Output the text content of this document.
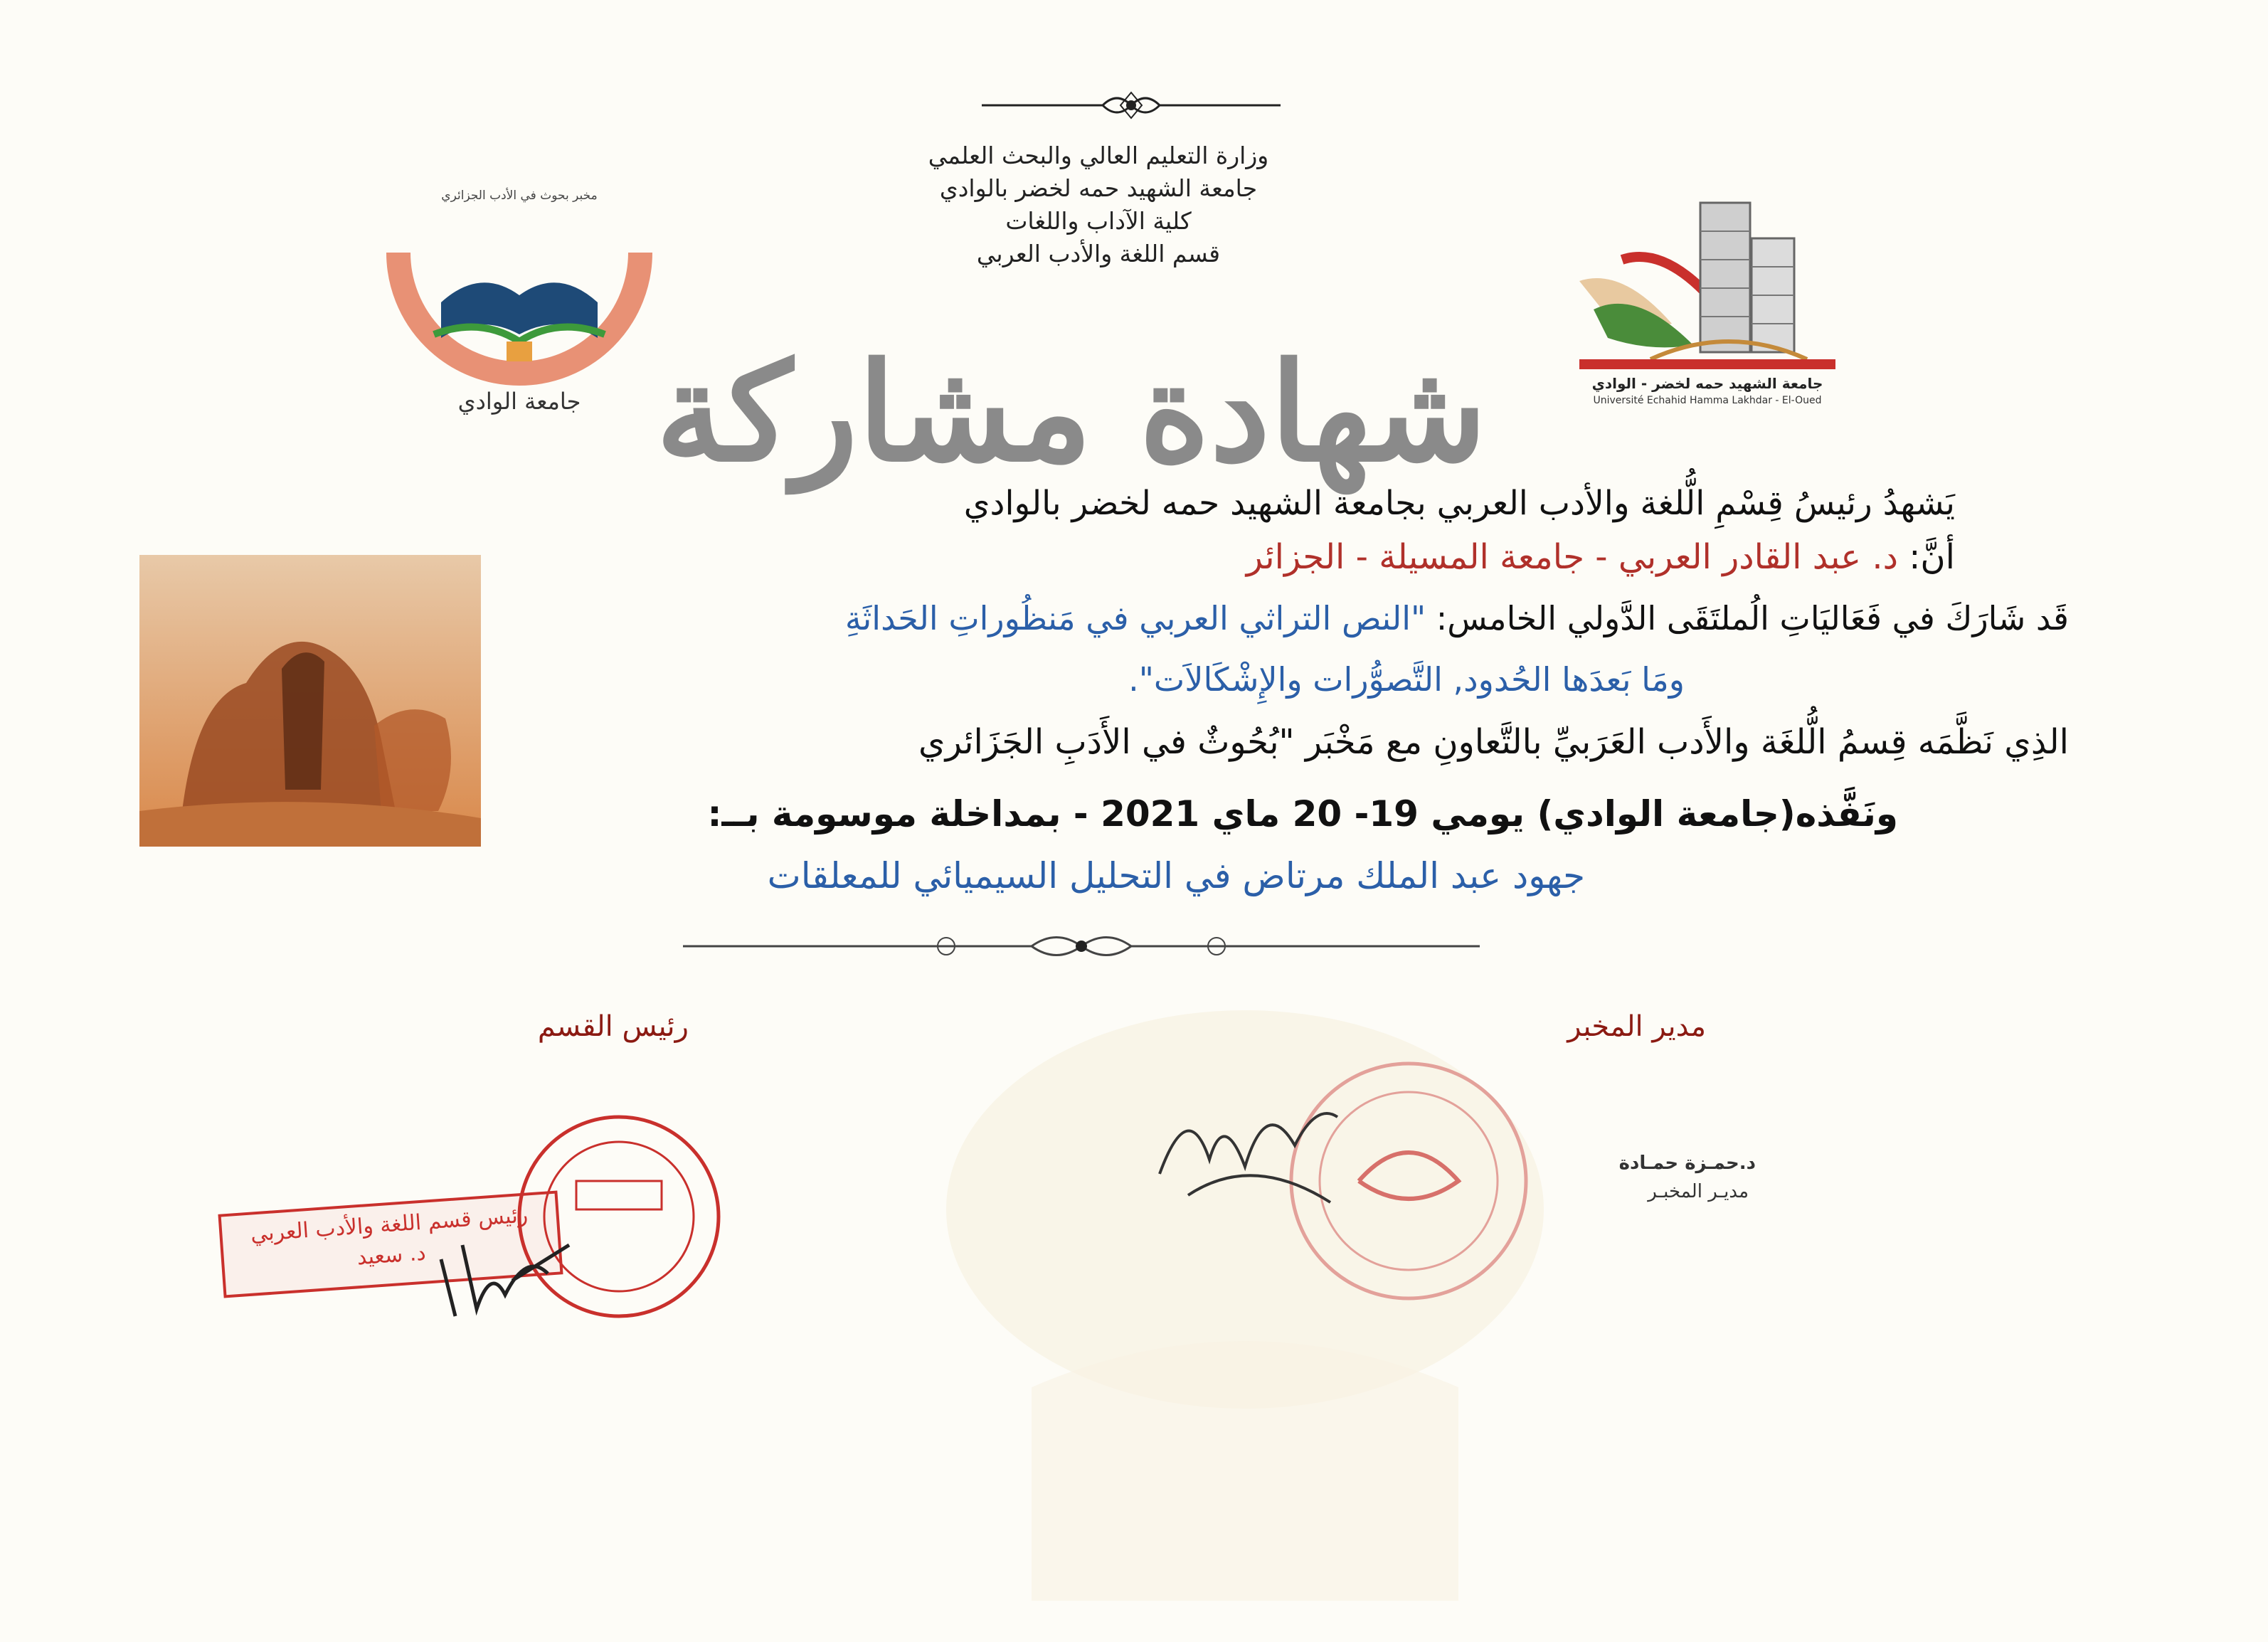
وزارة التعليم العالي والبحث العلمي
جامعة الشهيد حمه لخضر بالوادي
كلية الآداب واللغات
قسم اللغة والأدب العربي
جامعة الوادي
مخبر بحوث في الأدب الجزائري
جامعة الشهيد حمه لخضر - الوادي
Université Echahid Hamma Lakhdar - El-Oued
شهادة مشاركة
يَشهدُ رئيسُ قِسْمِ الُّلغة والأدب العربي بجامعة الشهيد حمه لخضر بالوادي
أنَّ: د. عبد القادر العربي - جامعة المسيلة - الجزائر
قَد شَارَكَ في فَعَاليَاتِ الُملتَقَى الدَّولي الخامس: "النص التراثي العربي في مَنظُوراتِ الحَداثَةِ
ومَا بَعدَها الحُدود, التَّصوُّرات والإِشْكَالاَت".
الذِي نَظَّمَه قِسمُ الُّلغَة والأَدب العَرَبيِّ بالتَّعاونِ مع مَخْبَر "بُحُوثٌ في الأَدَبِ الجَزَائري
ونَفَّذه(جامعة الوادي) يومي 19- 20 ماي 2021 - بمداخلة موسومة بــ:
جهود عبد الملك مرتاض في التحليل السيميائي للمعلقات
مدير المخبر
رئيس القسم
د.حمـزة حمـادة
مديـر المخبـر
رئيس قسم اللغة والأدب العربي
د. سعيد
